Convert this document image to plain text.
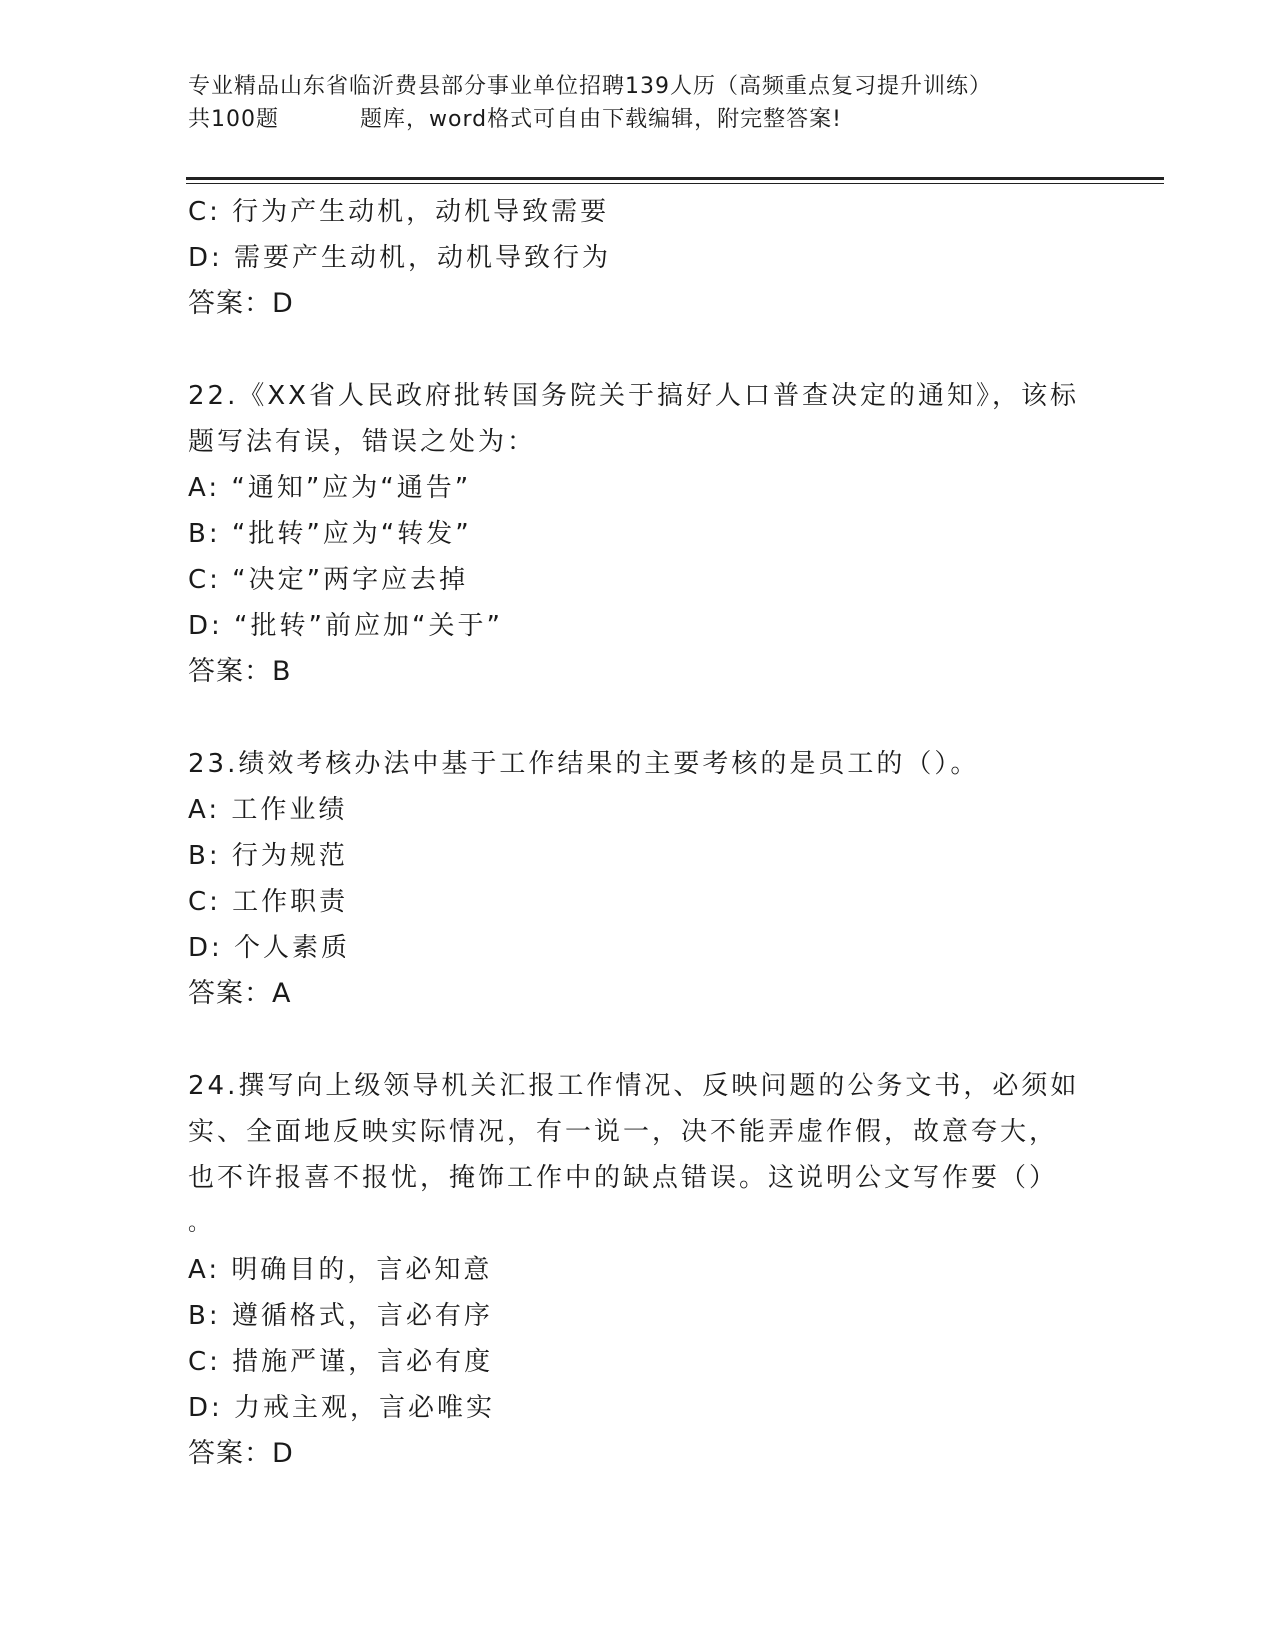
专业精品山东省临沂费县部分事业单位招聘139人历（高频重点复习提升训练）
共100题	题库，word格式可自由下载编辑，附完整答案!
C: 行为产生动机，动机导致需要
D: 需要产生动机，动机导致行为
答案：D
22.《XX省人民政府批转国务院关于搞好人口普查决定的通知》，该标
题写法有误，错误之处为：
A: “通知”应为“通告”
B: “批转”应为“转发”
C: “决定”两字应去掉
D: “批转”前应加“关于”
答案：B
23.绩效考核办法中基于工作结果的主要考核的是员工的（）。
A: 工作业绩
B: 行为规范
C: 工作职责
D: 个人素质
答案：A
24.撰写向上级领导机关汇报工作情况、反映问题的公务文书，必须如
实、全面地反映实际情况，有一说一，决不能弄虚作假，故意夸大，
也不许报喜不报忧，掩饰工作中的缺点错误。这说明公文写作要（）
。
A: 明确目的，言必知意
B: 遵循格式，言必有序
C: 措施严谨，言必有度
D: 力戒主观，言必唯实
答案：D
